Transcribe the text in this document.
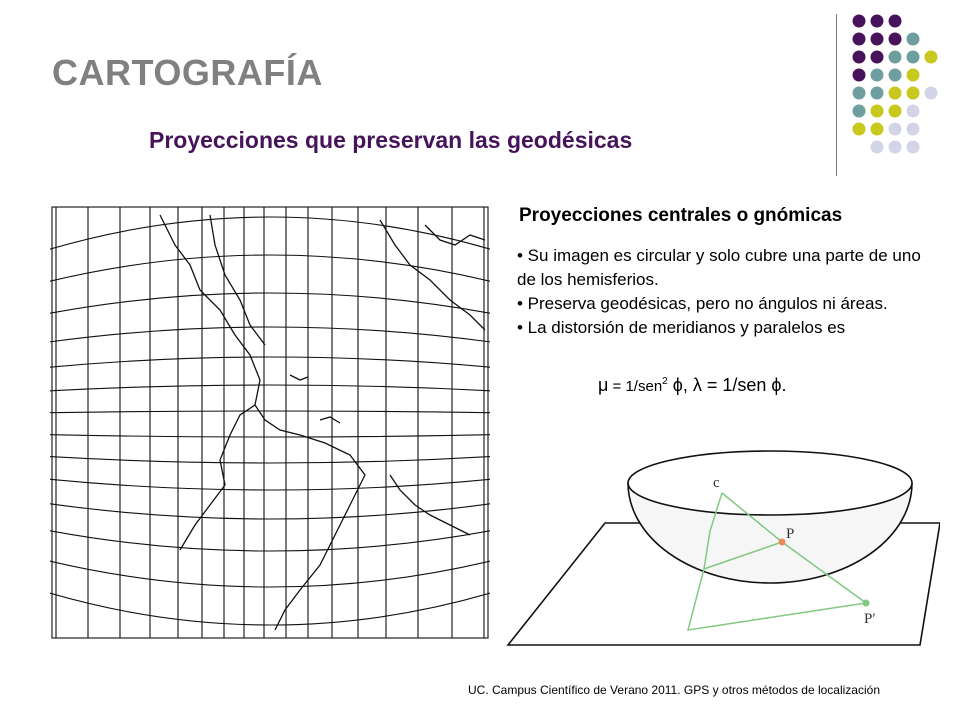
CARTOGRAFÍA
Proyecciones que preservan las geodésicas
Proyecciones centrales o gnómicas

• Su imagen es circular y solo cubre una parte de uno de los hemisferios.

• Preserva geodésicas, pero no ángulos ni áreas.

• La distorsión de meridianos y paralelos es

μ = 1/sen$^2$ ϕ, λ = 1/sen ϕ.
c
P
P′
UC. Campus Científico de Verano 2011. GPS y otros métodos de localización
